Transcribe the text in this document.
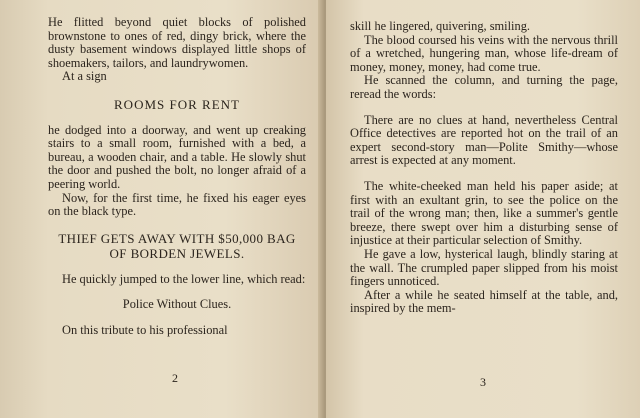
He flitted beyond quiet blocks of polished brownstone to ones of red, dingy brick, where the dusty basement windows displayed little shops of shoemakers, tailors, and laundrywomen.

At a sign

ROOMS FOR RENT

he dodged into a doorway, and went up creaking stairs to a small room, furnished with a bed, a bureau, a wooden chair, and a table. He slowly shut the door and pushed the bolt, no longer afraid of a peering world.

Now, for the first time, he fixed his eager eyes on the black type.

THIEF GETS AWAY WITH $50,000 BAG OF BORDEN JEWELS.

He quickly jumped to the lower line, which read:

Police Without Clues.

On this tribute to his professional

2

skill he lingered, quivering, smiling.

The blood coursed his veins with the nervous thrill of a wretched, hungering man, whose life-dream of money, money, money, had come true.

He scanned the column, and turning the page, reread the words:

There are no clues at hand, nevertheless Central Office detectives are reported hot on the trail of an expert second-story man—Polite Smithy—whose arrest is expected at any moment.

The white-cheeked man held his paper aside; at first with an exultant grin, to see the police on the trail of the wrong man; then, like a summer's gentle breeze, there swept over him a disturbing sense of injustice at their particular selection of Smithy.

He gave a low, hysterical laugh, blindly staring at the wall. The crumpled paper slipped from his moist fingers unnoticed.

After a while he seated himself at the table, and, inspired by the mem-

3
